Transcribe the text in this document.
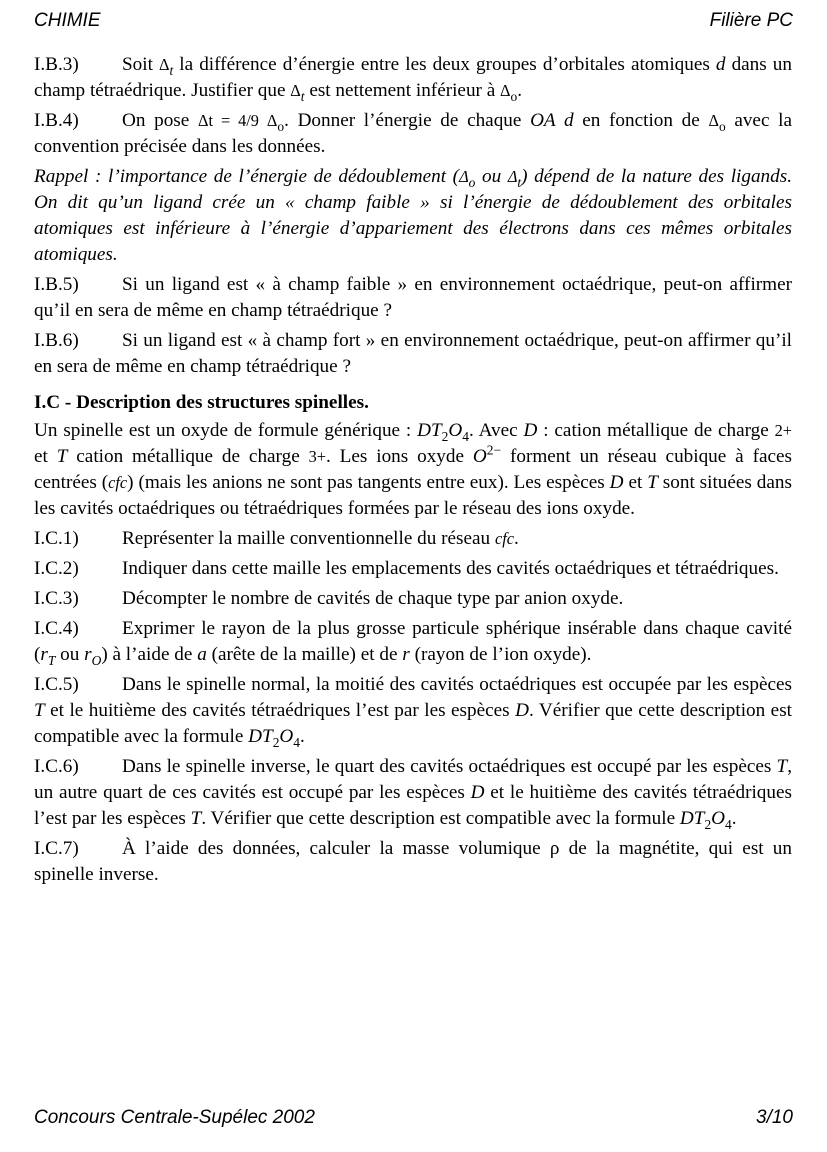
CHIMIE	Filière PC

I.B.3) Soit $\Delta_t$ la différence d’énergie entre les deux groupes d’orbitales atomiques d dans un champ tétraédrique. Justifier que $\Delta_t$ est nettement inférieur à $\Delta_o$.

I.B.4) On pose Δt = 4/9 $\Delta_o$. Donner l’énergie de chaque OA d en fonction de $\Delta_o$ avec la convention précisée dans les données.

Rappel : l’importance de l’énergie de dédoublement ($\Delta_o$ ou $\Delta_t$) dépend de la nature des ligands. On dit qu’un ligand crée un « champ faible » si l’énergie de dédoublement des orbitales atomiques est inférieure à l’énergie d’appariement des électrons dans ces mêmes orbitales atomiques.

I.B.5) Si un ligand est « à champ faible » en environnement octaédrique, peut-on affirmer qu’il en sera de même en champ tétraédrique ?

I.B.6) Si un ligand est « à champ fort » en environnement octaédrique, peut-on affirmer qu’il en sera de même en champ tétraédrique ?

I.C - Description des structures spinelles.

Un spinelle est un oxyde de formule générique : $DT_2O_4$. Avec D : cation métallique de charge 2+ et T cation métallique de charge 3+. Les ions oxyde $O^{2-}$ forment un réseau cubique à faces centrées (cfc) (mais les anions ne sont pas tangents entre eux). Les espèces D et T sont situées dans les cavités octaédriques ou tétraédriques formées par le réseau des ions oxyde.

I.C.1) Représenter la maille conventionnelle du réseau cfc.

I.C.2) Indiquer dans cette maille les emplacements des cavités octaédriques et tétraédriques.

I.C.3) Décompter le nombre de cavités de chaque type par anion oxyde.

I.C.4) Exprimer le rayon de la plus grosse particule sphérique insérable dans chaque cavité ($r_T$ ou $r_O$) à l’aide de a (arête de la maille) et de r (rayon de l’ion oxyde).

I.C.5) Dans le spinelle normal, la moitié des cavités octaédriques est occupée par les espèces T et le huitième des cavités tétraédriques l’est par les espèces D. Vérifier que cette description est compatible avec la formule $DT_2O_4$.

I.C.6) Dans le spinelle inverse, le quart des cavités octaédriques est occupé par les espèces T, un autre quart de ces cavités est occupé par les espèces D et le huitième des cavités tétraédriques l’est par les espèces T. Vérifier que cette description est compatible avec la formule $DT_2O_4$.

I.C.7) À l’aide des données, calculer la masse volumique ρ de la magnétite, qui est un spinelle inverse.

Concours Centrale-Supélec 2002	3/10
